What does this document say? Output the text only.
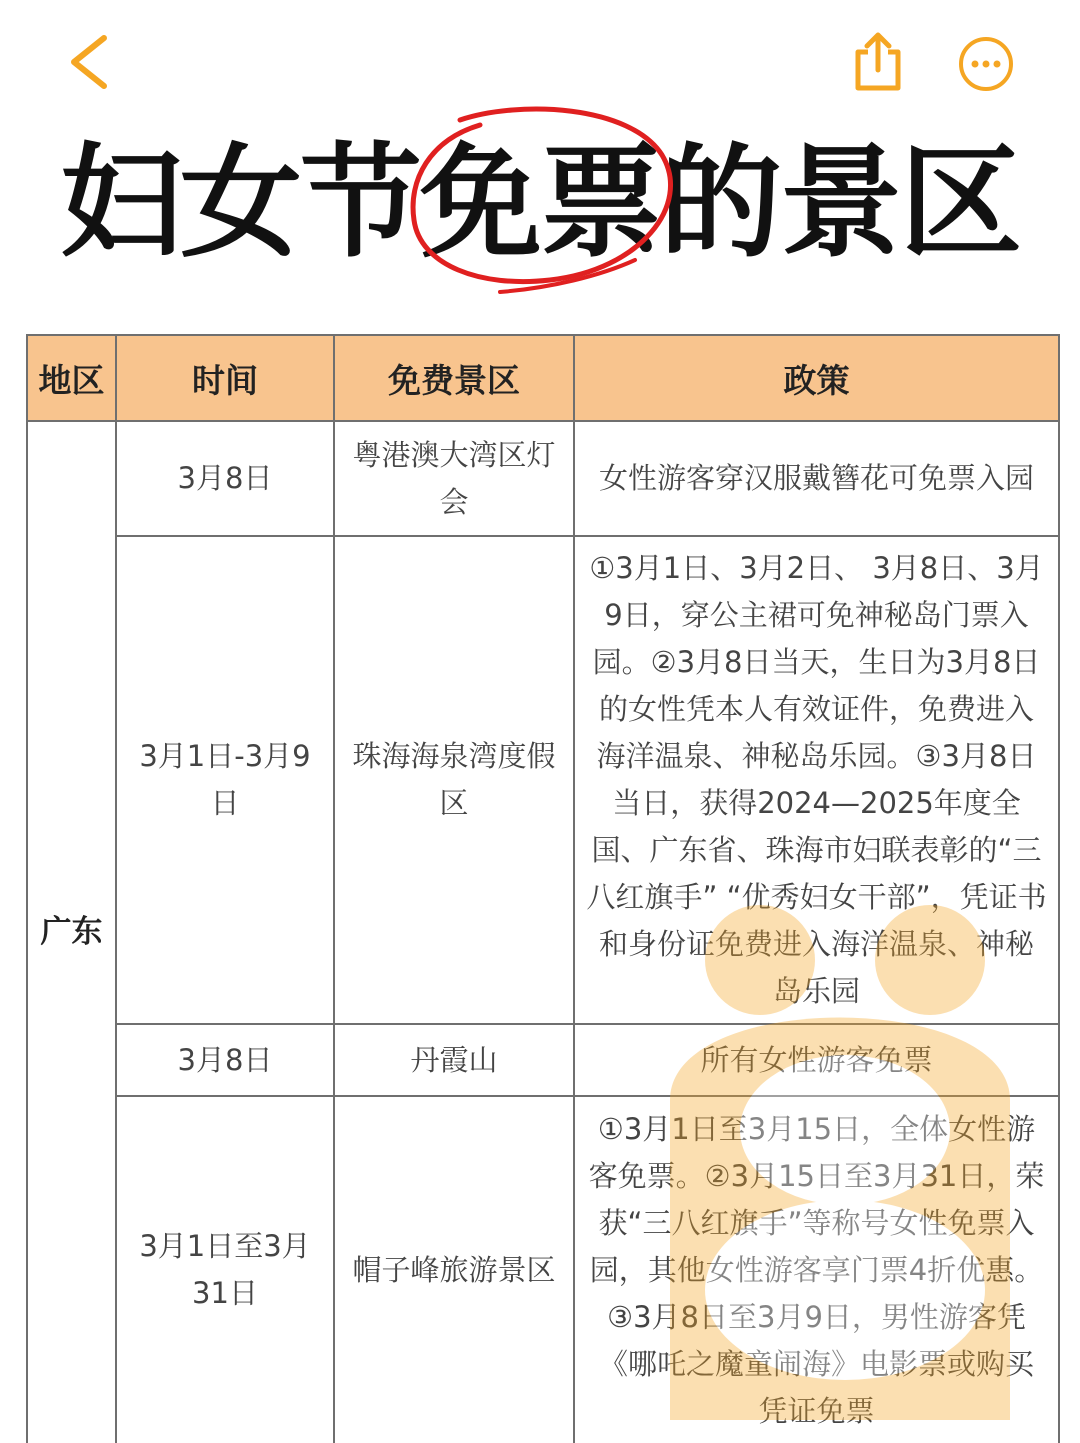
妇女节免票的景区
地区	时间	免费景区	政策
广东	3月8日	粤港澳大湾区灯会	女性游客穿汉服戴簪花可免票入园
	3月1日-3月9日	珠海海泉湾度假区	①3月1日、3月2日、 3月8日、3月9日，穿公主裙可免神秘岛门票入园。②3月8日当天，生日为3月8日的女性凭本人有效证件，免费进入海洋温泉、神秘岛乐园。③3月8日当日，获得2024—2025年度全国、广东省、珠海市妇联表彰的“三八红旗手” “优秀妇女干部”，凭证书和身份证免费进入海洋温泉、神秘岛乐园
	3月8日	丹霞山	所有女性游客免票
	3月1日至3月31日	帽子峰旅游景区	①3月1日至3月15日，全体女性游客免票。②3月15日至3月31日，荣获“三八红旗手”等称号女性免票入园，其他女性游客享门票4折优惠。③3月8日至3月9日，男性游客凭《哪吒之魔童闹海》电影票或购买凭证免票
